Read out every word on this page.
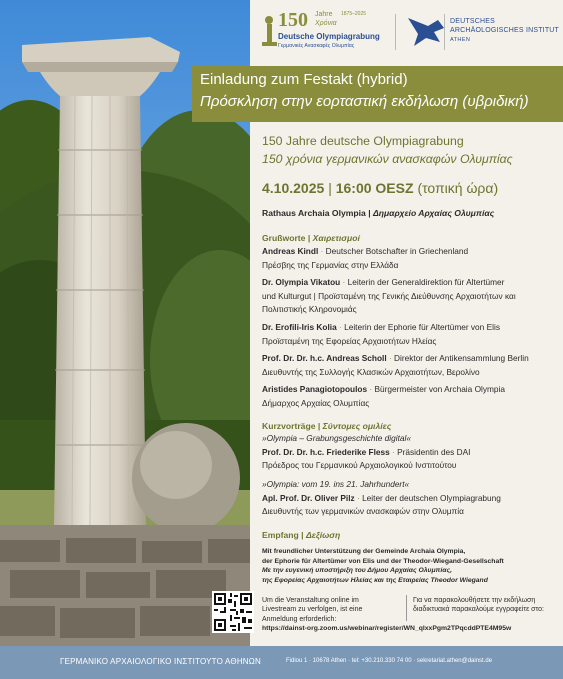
150 Jahre 1875–2025
Χρόνια
Deutsche Olympiagrabung
Γερμανικές Ανασκαφές Ολυμπίας
DEUTSCHES
ARCHÄOLOGISCHES INSTITUT
ATHEN
Einladung zum Festakt (hybrid)
Πρόσκληση στην εορταστική εκδήλωση (υβριδική)
150 Jahre deutsche Olympiagrabung
150 χρόνια γερμανικών ανασκαφών Ολυμπίας
4.10.2025 | 16:00 OESZ (τοπική ώρα)
Rathaus Archaia Olympia | Δημαρχείο Αρχαίας Ολυμπίας
Grußworte | Χαιρετισμοί
Andreas Kindl · Deutscher Botschafter in Griechenland
Πρέσβης της Γερμανίας στην Ελλάδα
Dr. Olympia Vikatou · Leiterin der Generaldirektion für Altertümer
und Kulturgut | Προϊσταμένη της Γενικής Διεύθυνσης Αρχαιοτήτων και
Πολιτιστικής Κληρονομιάς
Dr. Erofili-Iris Kolia · Leiterin der Ephorie für Altertümer von Elis
Προϊσταμένη της Εφορείας Αρχαιοτήτων Ηλείας
Prof. Dr. Dr. h.c. Andreas Scholl · Direktor der Antikensammlung Berlin
Διευθυντής της Συλλογής Κλασικών Αρχαιοτήτων, Βερολίνο
Aristides Panagiotopoulos · Bürgermeister von Archaia Olympia
Δήμαρχος Αρχαίας Ολυμπίας
Kurzvorträge | Σύντομες ομιλίες
»Olympia – Grabungsgeschichte digital«
Prof. Dr. Dr. h.c. Friederike Fless · Präsidentin des DAI
Πρόεδρος του Γερμανικού Αρχαιολογικού Ινστιτούτου
»Olympia: vom 19. ins 21. Jahrhundert«
Apl. Prof. Dr. Oliver Pilz · Leiter der deutschen Olympiagrabung
Διευθυντής των γερμανικών ανασκαφών στην Ολυμπία
Empfang | Δεξίωση
Mit freundlicher Unterstützung der Gemeinde Archaia Olympia,
der Ephorie für Altertümer von Elis und der Theodor-Wiegand-Gesellschaft
Με την ευγενική υποστήριξη του Δήμου Αρχαίας Ολυμπίας,
της Εφορείας Αρχαιοτήτων Ηλείας και της Εταιρείας Theodor Wiegand
Um die Veranstaltung online im
Livestream zu verfolgen, ist eine
Anmeldung erforderlich:
Για να παρακολουθήσετε την εκδήλωση
διαδικτυακά παρακαλούμε εγγραφείτε στο:
https://dainst-org.zoom.us/webinar/register/WN_qlxxPgm2TPqcddPTE4M95w
ΓΕΡΜΑΝΙΚΟ ΑΡΧΑΙΟΛΟΓΙΚΟ ΙΝΣΤΙΤΟΥΤΟ ΑΘΗΝΩΝ	Fidiou 1 · 10678 Athen · tel: +30.210.330 74 00 · sekretariat.athen@dainst.de
